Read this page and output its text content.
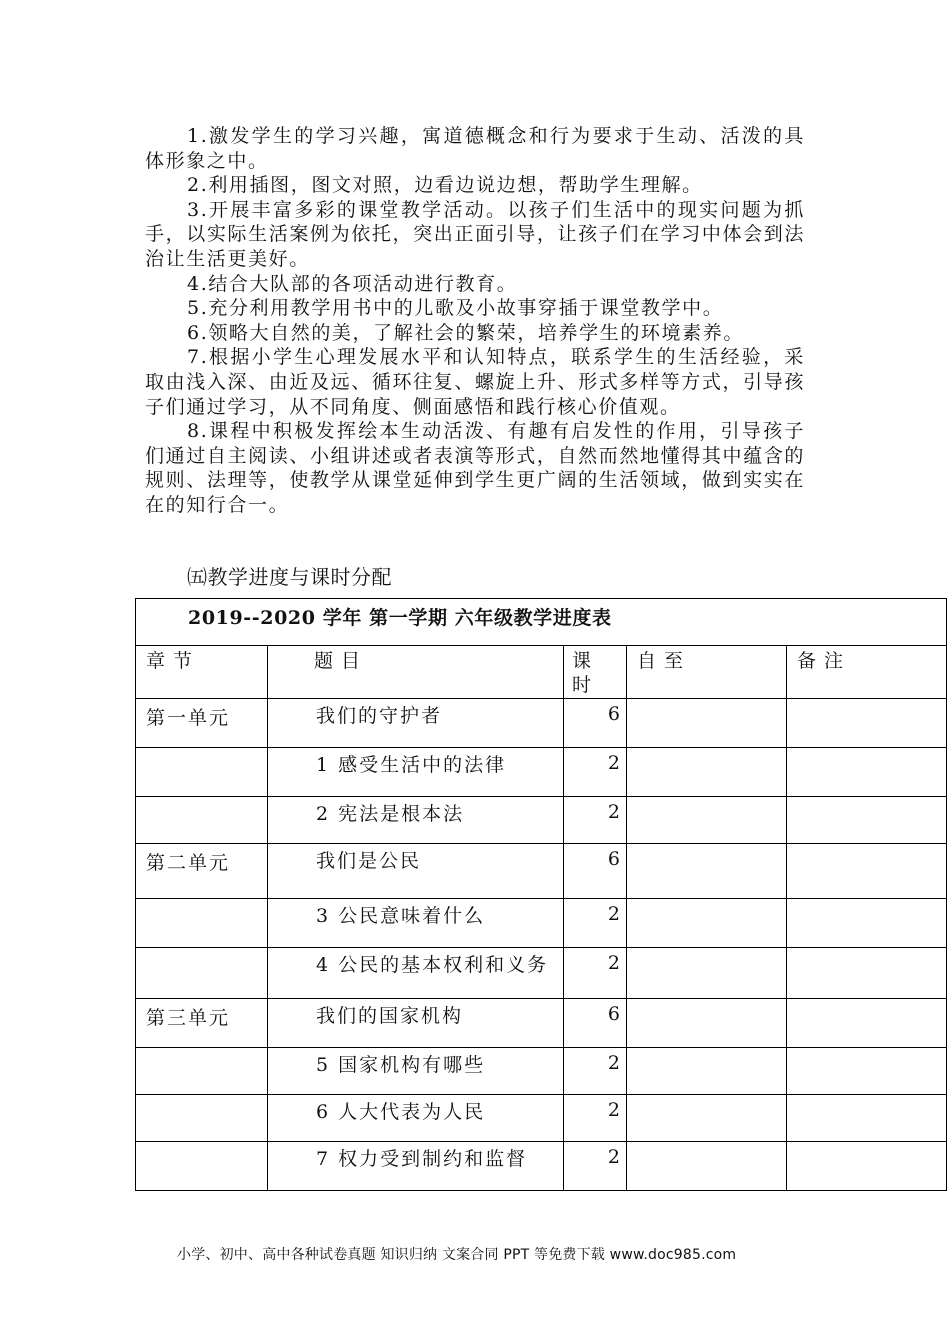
1.激发学生的学习兴趣，寓道德概念和行为要求于生动、活泼的具体形象之中。

2.利用插图，图文对照，边看边说边想，帮助学生理解。

3.开展丰富多彩的课堂教学活动。以孩子们生活中的现实问题为抓手，以实际生活案例为依托，突出正面引导，让孩子们在学习中体会到法治让生活更美好。

4.结合大队部的各项活动进行教育。

5.充分利用教学用书中的儿歌及小故事穿插于课堂教学中。

6.领略大自然的美，了解社会的繁荣，培养学生的环境素养。

7.根据小学生心理发展水平和认知特点，联系学生的生活经验，采取由浅入深、由近及远、循环往复、螺旋上升、形式多样等方式，引导孩子们通过学习，从不同角度、侧面感悟和践行核心价值观。

8.课程中积极发挥绘本生动活泼、有趣有启发性的作用，引导孩子们通过自主阅读、小组讲述或者表演等形式，自然而然地懂得其中蕴含的规则、法理等，使教学从课堂延伸到学生更广阔的生活领域，做到实实在在的知行合一。

㈤教学进度与课时分配
2019--2020 学年 第一学期 六年级教学进度表				

章 节	题 目	课时	自 至	备 注

第一单元	我们的守护者	6		

	1 感受生活中的法律	2		

	2 宪法是根本法	2		

第二单元	我们是公民	6		

	3 公民意味着什么	2		

	4 公民的基本权利和义务	2		

第三单元	我们的国家机构	6		

	5 国家机构有哪些	2		

	6 人大代表为人民	2		

	7 权力受到制约和监督	2		

小学、初中、高中各种试卷真题 知识归纳 文案合同 PPT 等免费下载 www.doc985.com
